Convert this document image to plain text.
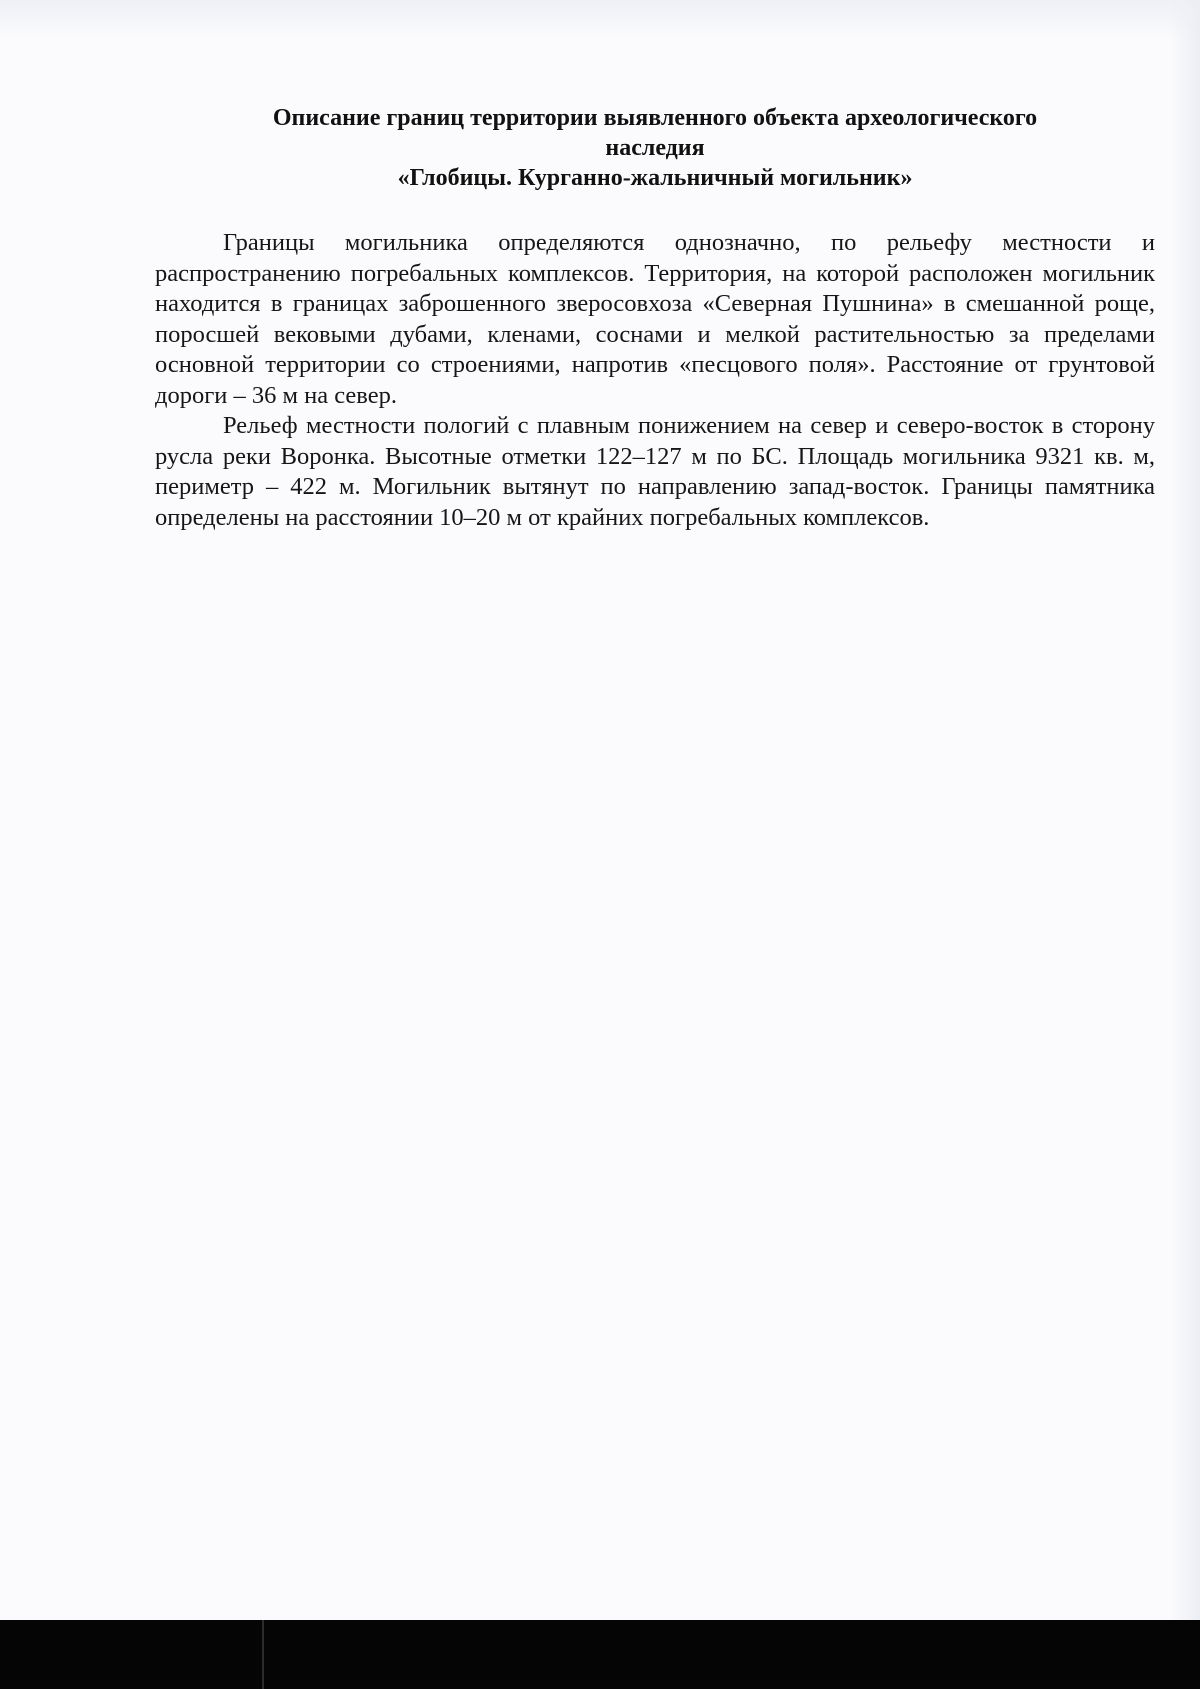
Описание границ территории выявленного объекта археологического
наследия
«Глобицы. Курганно-жальничный могильник»

Границы могильника определяются однозначно, по рельефу местности и распространению погребальных комплексов. Территория, на которой расположен могильник находится в границах заброшенного зверосовхоза «Северная Пушнина» в смешанной роще, поросшей вековыми дубами, кленами, соснами и мелкой растительностью за пределами основной территории со строениями, напротив «песцового поля». Расстояние от грунтовой дороги – 36 м на север.

Рельеф местности пологий с плавным понижением на север и северо-восток в сторону русла реки Воронка. Высотные отметки 122–127 м по БС. Площадь могильника 9321 кв. м, периметр – 422 м. Могильник вытянут по направлению запад-восток. Границы памятника определены на расстоянии 10–20 м от крайних погребальных комплексов.
